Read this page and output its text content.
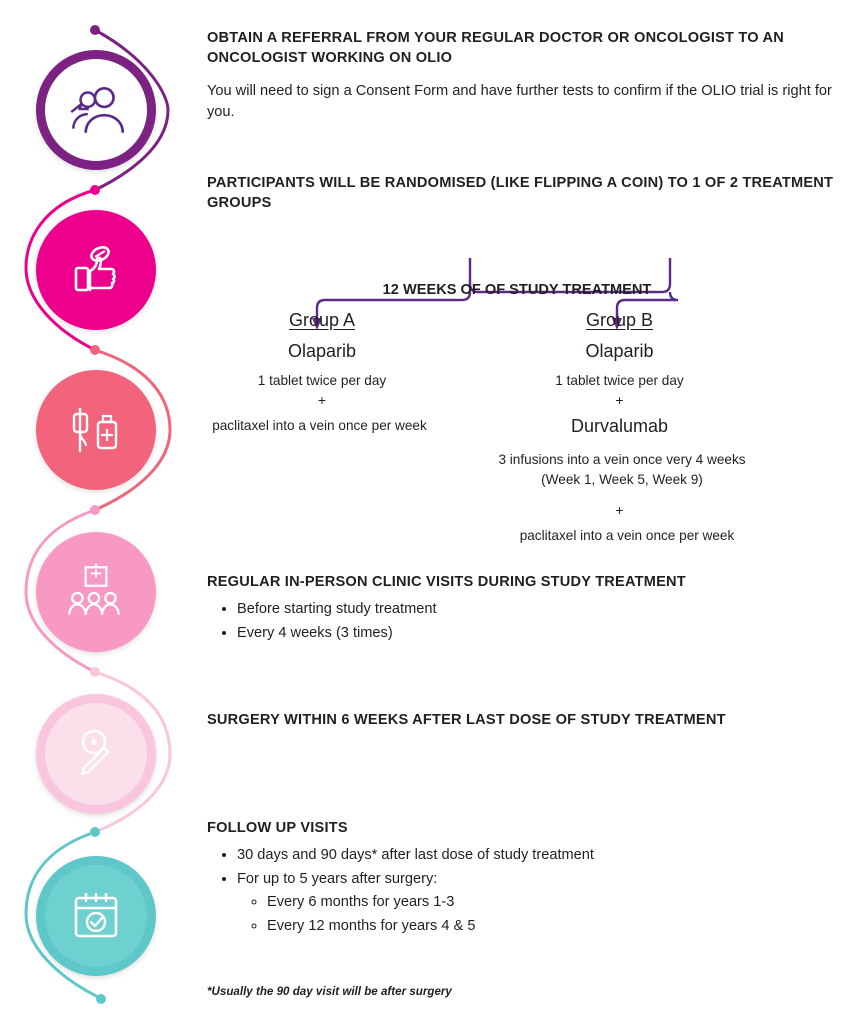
OBTAIN A REFERRAL FROM YOUR REGULAR DOCTOR OR ONCOLOGIST TO AN ONCOLOGIST WORKING ON OLIO
You will need to sign a Consent Form and have further tests to confirm if the OLIO trial is right for you.
PARTICIPANTS WILL BE RANDOMISED (LIKE FLIPPING A COIN) TO 1 OF 2 TREATMENT GROUPS
12 WEEKS OF OF STUDY TREATMENT
Group A
Olaparib
1 tablet twice per day
+
paclitaxel into a vein once per week
Group B
Olaparib
1 tablet twice per day
+
Durvalumab
3 infusions into a vein once very 4 weeks (Week 1, Week 5, Week 9)
+
paclitaxel into a vein once per week
REGULAR IN-PERSON CLINIC VISITS DURING STUDY TREATMENT
• Before starting study treatment
• Every 4 weeks (3 times)
SURGERY WITHIN 6 WEEKS AFTER LAST DOSE OF STUDY TREATMENT
FOLLOW UP VISITS
• 30 days and 90 days* after last dose of study treatment
• For up to 5 years after surgery:
◦ Every 6 months for years 1-3
◦ Every 12 months for years 4 & 5
*Usually the 90 day visit will be after surgery
